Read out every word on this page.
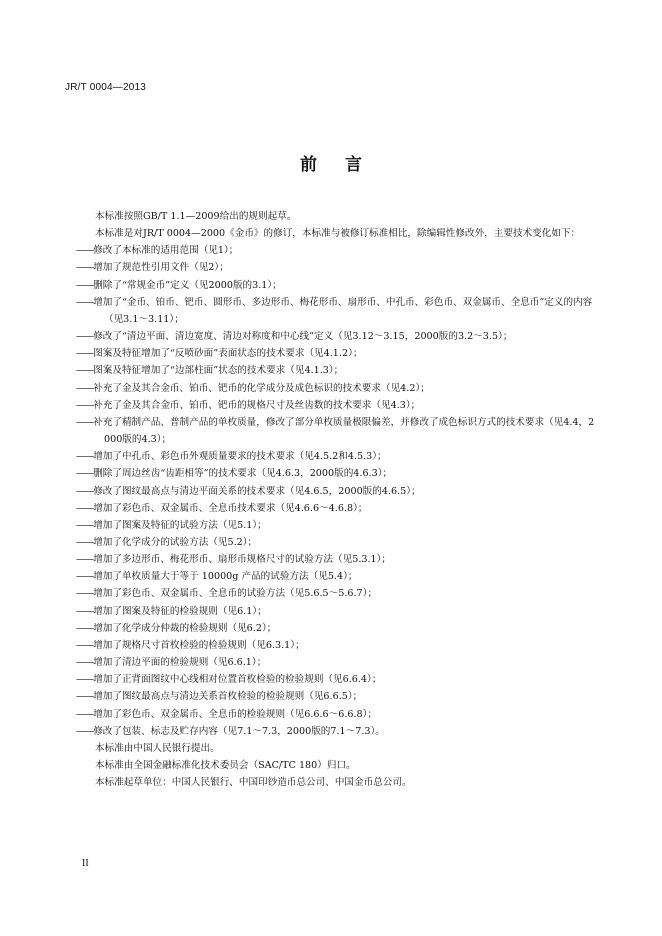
JR/T 0004—2013
前 言
本标准按照GB/T 1.1—2009给出的规则起草。
本标准是对JR/T 0004—2000《金币》的修订，本标准与被修订标准相比，除编辑性修改外，主要技术变化如下：
——修改了本标准的适用范围（见1）；
——增加了规范性引用文件（见2）；
——删除了“常规金币”定义（见2000版的3.1）；
——增加了“金币、铂币、钯币、圆形币、多边形币、梅花形币、扇形币、中孔币、彩色币、双金属币、全息币”定义的内容（见3.1～3.11）；
——修改了“清边平面、清边宽度、清边对称度和中心线”定义（见3.12～3.15，2000版的3.2～3.5）；
——图案及特征增加了“反喷砂面”表面状态的技术要求（见4.1.2）；
——图案及特征增加了“边部柱面”状态的技术要求（见4.1.3）；
——补充了金及其合金币、铂币、钯币的化学成分及成色标识的技术要求（见4.2）；
——补充了金及其合金币、铂币、钯币的规格尺寸及丝齿数的技术要求（见4.3）；
——补充了精制产品、普制产品的单枚质量，修改了部分单枚质量极限偏差，并修改了成色标识方式的技术要求（见4.4，2000版的4.3）；
——增加了中孔币、彩色币外观质量要求的技术要求（见4.5.2和4.5.3）；
——删除了周边丝齿“齿距相等”的技术要求（见4.6.3，2000版的4.6.3）；
——修改了图纹最高点与清边平面关系的技术要求（见4.6.5，2000版的4.6.5）；
——增加了彩色币、双金属币、全息币技术要求（见4.6.6～4.6.8）；
——增加了图案及特征的试验方法（见5.1）；
——增加了化学成分的试验方法（见5.2）；
——增加了多边形币、梅花形币、扇形币规格尺寸的试验方法（见5.3.1）；
——增加了单枚质量大于等于 10000g 产品的试验方法（见5.4）；
——增加了彩色币、双金属币、全息币的试验方法（见5.6.5～5.6.7）；
——增加了图案及特征的检验规则（见6.1）；
——增加了化学成分仲裁的检验规则（见6.2）；
——增加了规格尺寸首枚检验的检验规则（见6.3.1）；
——增加了清边平面的检验规则（见6.6.1）；
——增加了正背面图纹中心线相对位置首枚检验的检验规则（见6.6.4）；
——增加了图纹最高点与清边关系首枚检验的检验规则（见6.6.5）；
——增加了彩色币、双金属币、全息币的检验规则（见6.6.6～6.6.8）；
——修改了包装、标志及贮存内容（见7.1～7.3，2000版的7.1～7.3）。
本标准由中国人民银行提出。
本标准由全国金融标准化技术委员会（SAC/TC 180）归口。
本标准起草单位：中国人民银行、中国印钞造币总公司、中国金币总公司。
II
